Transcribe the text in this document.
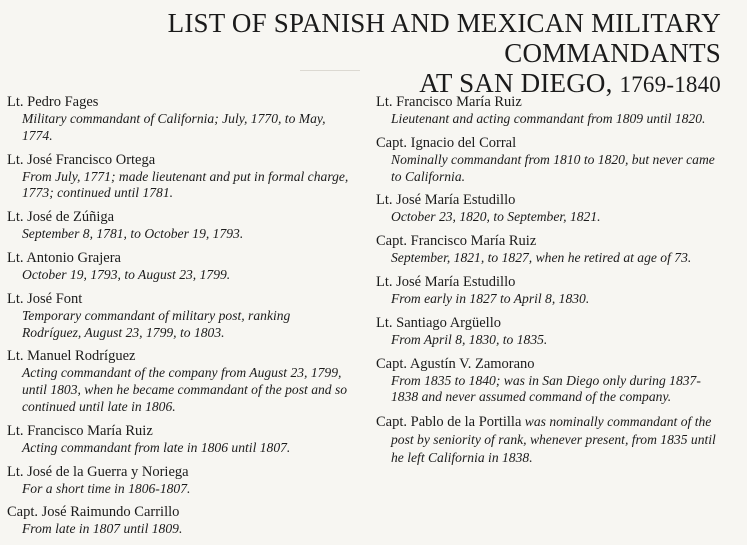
LIST OF SPANISH AND MEXICAN MILITARY COMMANDANTS
AT SAN DIEGO, 1769-1840
Lt. Pedro Fages
Military commandant of California; July, 1770, to May, 1774.
Lt. José Francisco Ortega
From July, 1771; made lieutenant and put in formal charge, 1773; continued until 1781.
Lt. José de Zúñiga
September 8, 1781, to October 19, 1793.
Lt. Antonio Grajera
October 19, 1793, to August 23, 1799.
Lt. José Font
Temporary commandant of military post, ranking Rodríguez, August 23, 1799, to 1803.
Lt. Manuel Rodríguez
Acting commandant of the company from August 23, 1799, until 1803, when he became commandant of the post and so continued until late in 1806.
Lt. Francisco María Ruiz
Acting commandant from late in 1806 until 1807.
Lt. José de la Guerra y Noriega
For a short time in 1806-1807.
Capt. José Raimundo Carrillo
From late in 1807 until 1809.
Lt. Francisco María Ruiz
Lieutenant and acting commandant from 1809 until 1820.
Capt. Ignacio del Corral
Nominally commandant from 1810 to 1820, but never came to California.
Lt. José María Estudillo
October 23, 1820, to September, 1821.
Capt. Francisco María Ruiz
September, 1821, to 1827, when he retired at age of 73.
Lt. José María Estudillo
From early in 1827 to April 8, 1830.
Lt. Santiago Argüello
From April 8, 1830, to 1835.
Capt. Agustín V. Zamorano
From 1835 to 1840; was in San Diego only during 1837-1838 and never assumed command of the company.
Capt. Pablo de la Portilla was nominally commandant of the post by seniority of rank, whenever present, from 1835 until he left California in 1838.
